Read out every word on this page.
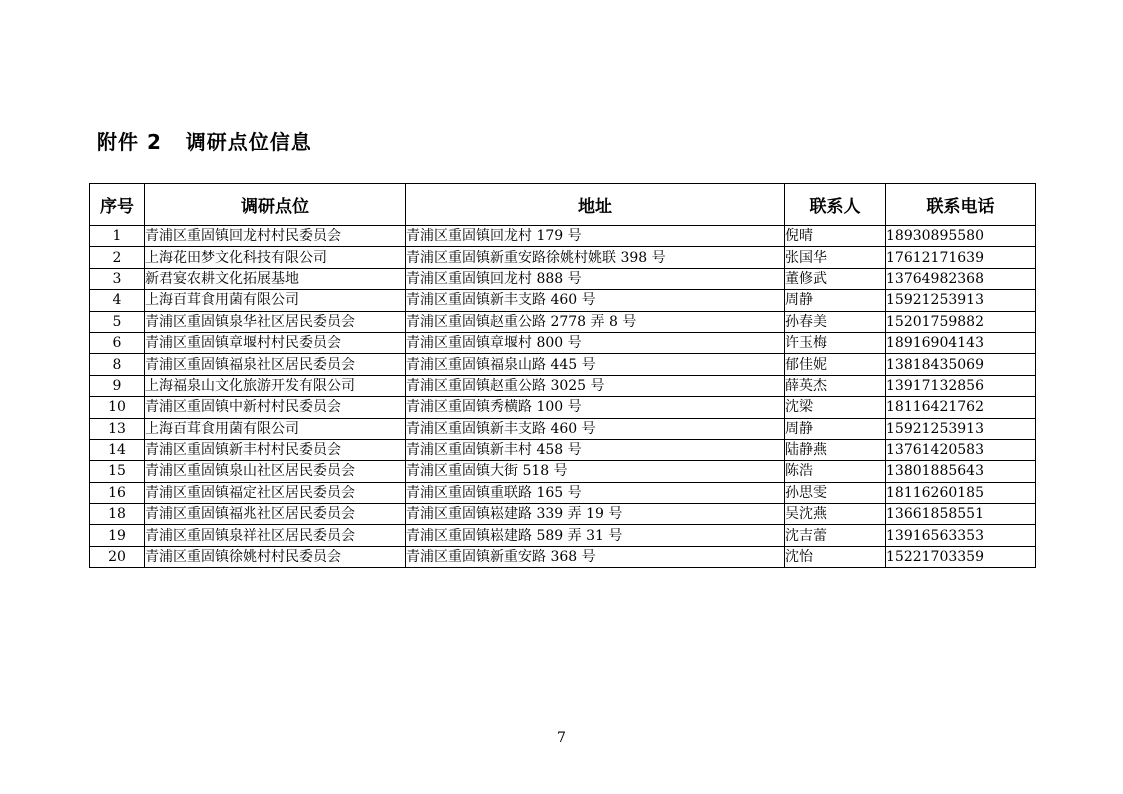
附件 2   调研点位信息
序号	调研点位	地址	联系人	联系电话
1	青浦区重固镇回龙村村民委员会	青浦区重固镇回龙村 179 号	倪晴	18930895580
2	上海花田梦文化科技有限公司	青浦区重固镇新重安路徐姚村姚联 398 号	张国华	17612171639
3	新君宴农耕文化拓展基地	青浦区重固镇回龙村 888 号	董修武	13764982368
4	上海百茸食用菌有限公司	青浦区重固镇新丰支路 460 号	周静	15921253913
5	青浦区重固镇泉华社区居民委员会	青浦区重固镇赵重公路 2778 弄 8 号	孙春美	15201759882
6	青浦区重固镇章堰村村民委员会	青浦区重固镇章堰村 800 号	许玉梅	18916904143
8	青浦区重固镇福泉社区居民委员会	青浦区重固镇福泉山路 445 号	郁佳妮	13818435069
9	上海福泉山文化旅游开发有限公司	青浦区重固镇赵重公路 3025 号	薛英杰	13917132856
10	青浦区重固镇中新村村民委员会	青浦区重固镇秀横路 100 号	沈梁	18116421762
13	上海百茸食用菌有限公司	青浦区重固镇新丰支路 460 号	周静	15921253913
14	青浦区重固镇新丰村村民委员会	青浦区重固镇新丰村 458 号	陆静燕	13761420583
15	青浦区重固镇泉山社区居民委员会	青浦区重固镇大街 518 号	陈浩	13801885643
16	青浦区重固镇福定社区居民委员会	青浦区重固镇重联路 165 号	孙思雯	18116260185
18	青浦区重固镇福兆社区居民委员会	青浦区重固镇崧建路 339 弄 19 号	吴沈燕	13661858551
19	青浦区重固镇泉祥社区居民委员会	青浦区重固镇崧建路 589 弄 31 号	沈吉蕾	13916563353
20	青浦区重固镇徐姚村村民委员会	青浦区重固镇新重安路 368 号	沈怡	15221703359
7
